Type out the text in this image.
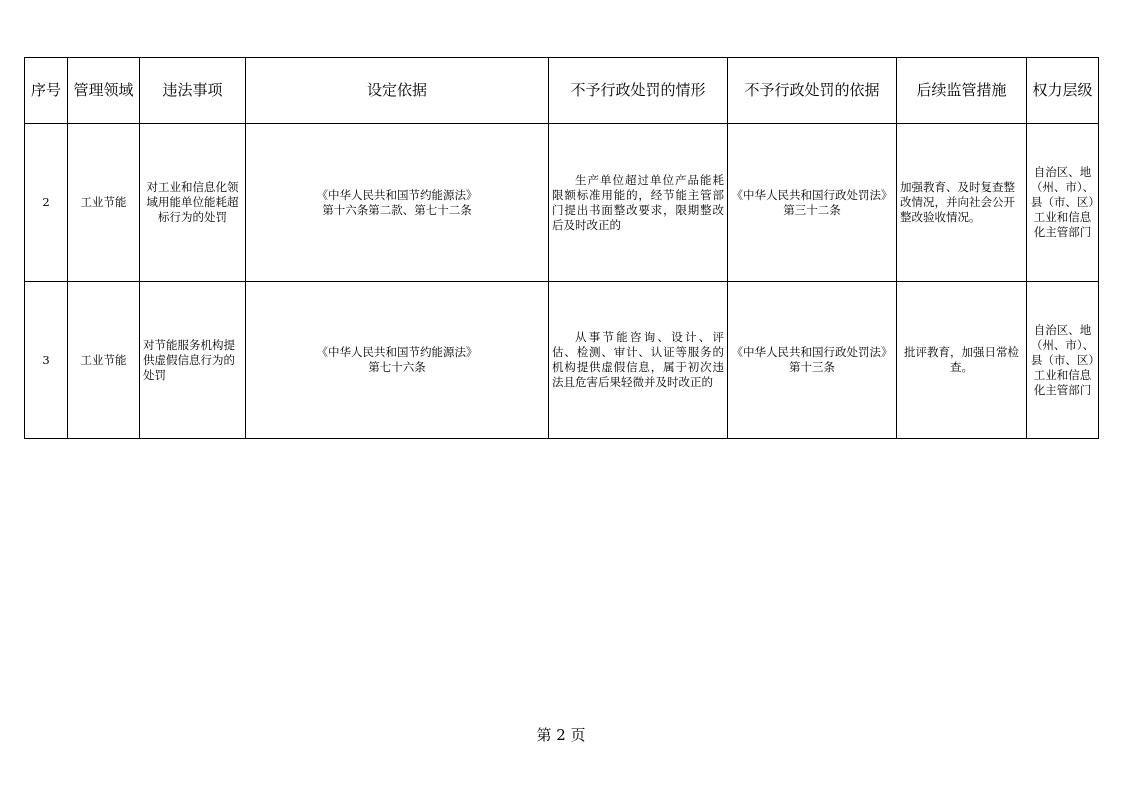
序号	管理领域	违法事项	设定依据	不予行政处罚的情形	不予行政处罚的依据	后续监管措施	权力层级
2	工业节能	对工业和信息化领域用能单位能耗超标行为的处罚	《中华人民共和国节约能源法》
第十六条第二款、第七十二条	生产单位超过单位产品能耗限额标准用能的，经节能主管部门提出书面整改要求，限期整改后及时改正的	《中华人民共和国行政处罚法》第三十二条	加强教育、及时复查整改情况，并向社会公开整改验收情况。	自治区、地（州、市）、县（市、区）工业和信息化主管部门
3	工业节能	对节能服务机构提供虚假信息行为的处罚	《中华人民共和国节约能源法》
第七十六条	从事节能咨询、设计、评估、检测、审计、认证等服务的机构提供虚假信息，属于初次违法且危害后果轻微并及时改正的	《中华人民共和国行政处罚法》第十三条	批评教育，加强日常检查。	自治区、地（州、市）、县（市、区）工业和信息化主管部门
第 2 页
